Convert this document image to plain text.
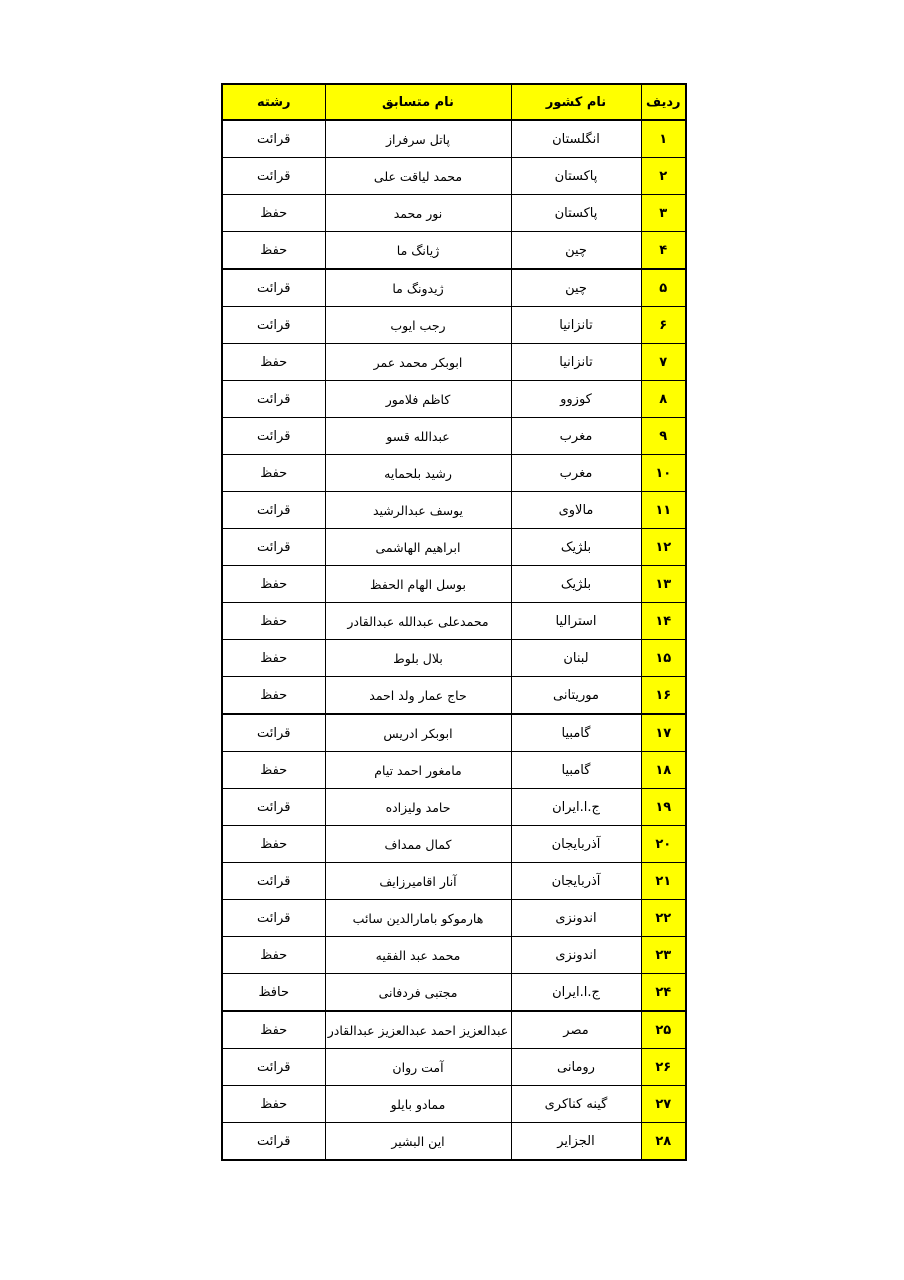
ردیف	نام کشور	نام متسابق	رشته
۱	انگلستان	پاتل سرفراز	قرائت
۲	پاکستان	محمد لیاقت علی	قرائت
۳	پاکستان	نور محمد	حفظ
۴	چین	ژیانگ ما	حفظ
۵	چین	ژیدونگ ما	قرائت
۶	تانزانیا	رجب ایوب	قرائت
۷	تانزانیا	ابوبکر محمد عمر	حفظ
۸	کوزوو	کاظم فلامور	قرائت
۹	مغرب	عبدالله قسو	قرائت
۱۰	مغرب	رشید بلحمایه	حفظ
۱۱	مالاوی	یوسف عبدالرشید	قرائت
۱۲	بلژیک	ابراهیم الهاشمی	قرائت
۱۳	بلژیک	بوسل الهام الحفظ	حفظ
۱۴	استرالیا	محمدعلی عبدالله عبدالقادر	حفظ
۱۵	لبنان	بلال بلوط	حفظ
۱۶	موریتانی	حاج عمار ولد احمد	حفظ
۱۷	گامبیا	ابوبکر ادریس	قرائت
۱۸	گامبیا	مامغور احمد تیام	حفظ
۱۹	ج.ا.ایران	حامد ولیزاده	قرائت
۲۰	آذربایجان	کمال ممداف	حفظ
۲۱	آذربایجان	آنار اقامیرزایف	قرائت
۲۲	اندونزی	هارموکو بامارالدین سائب	قرائت
۲۳	اندونزی	محمد عبد الفقیه	حفظ
۲۴	ج.ا.ایران	مجتبی فردفانی	حافظ
۲۵	مصر	عبدالعزیز احمد عبدالعزیز عبدالقادر	حفظ
۲۶	رومانی	آمت روان	قرائت
۲۷	گینه کناکری	ممادو بایلو	حفظ
۲۸	الجزایر	این البشیر	قرائت
